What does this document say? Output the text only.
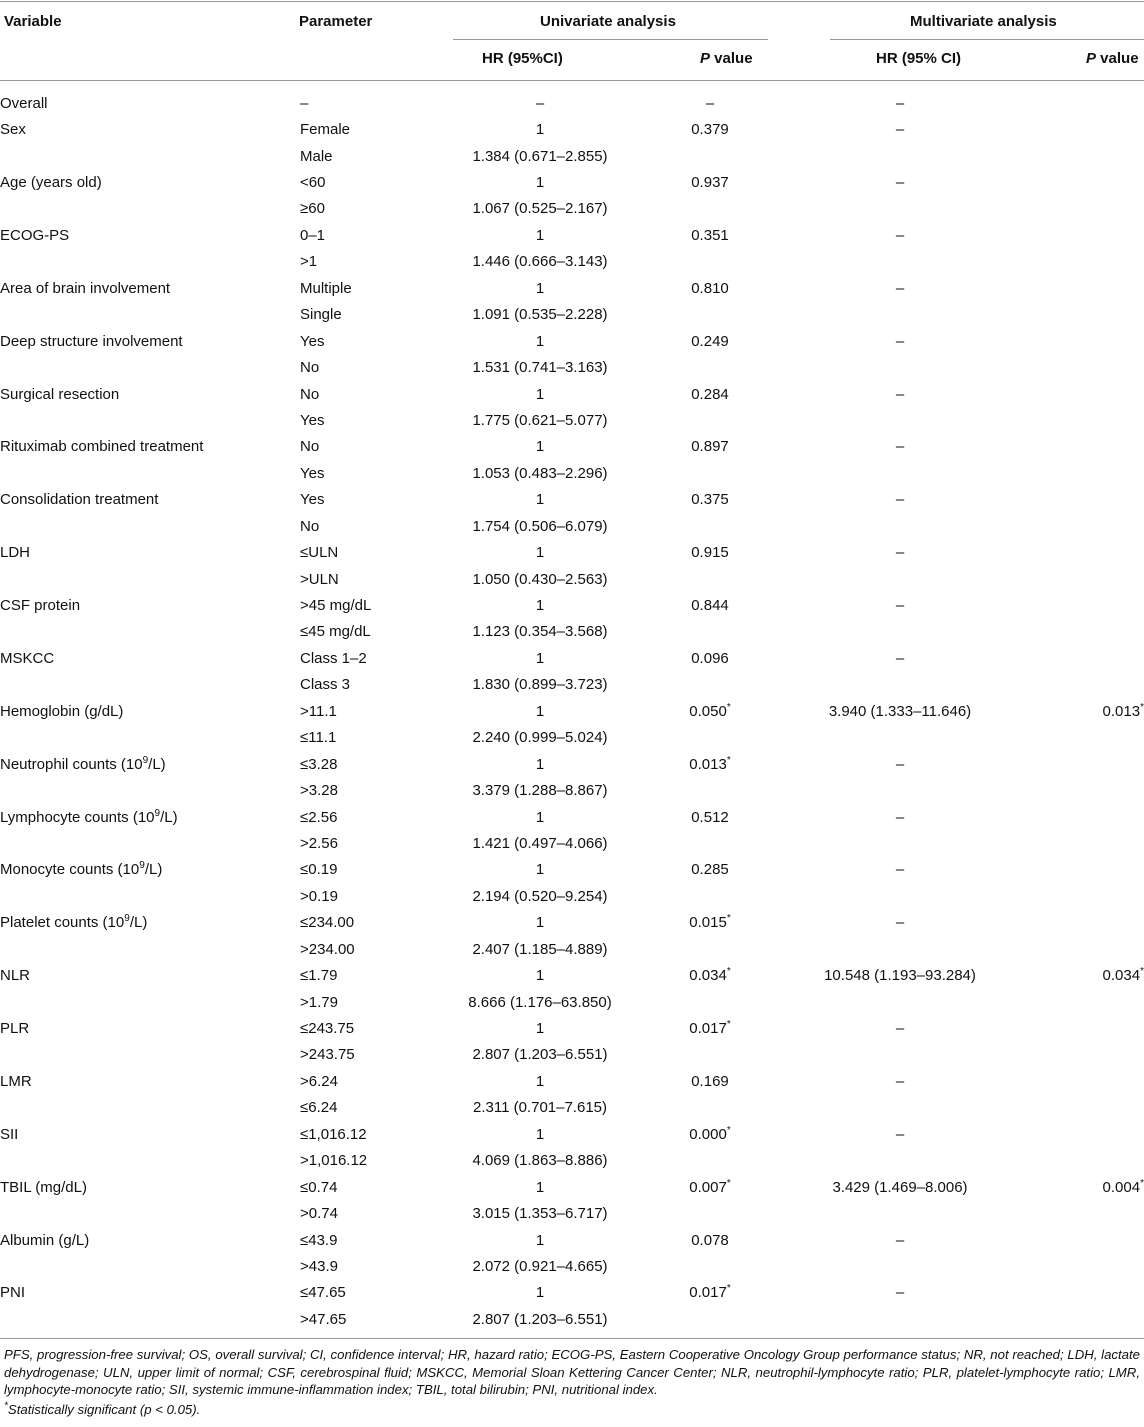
Variable	Parameter	Univariate analysis	Multivariate analysis
HR (95%CI)	P value	HR (95% CI)	P value
Overall	–	–	–	–	
Sex	Female	1	0.379	–	
	Male	1.384 (0.671–2.855)			
Age (years old)	<60	1	0.937	–	
	≥60	1.067 (0.525–2.167)			
ECOG-PS	0–1	1	0.351	–	
	>1	1.446 (0.666–3.143)			
Area of brain involvement	Multiple	1	0.810	–	
	Single	1.091 (0.535–2.228)			
Deep structure involvement	Yes	1	0.249	–	
	No	1.531 (0.741–3.163)			
Surgical resection	No	1	0.284	–	
	Yes	1.775 (0.621–5.077)			
Rituximab combined treatment	No	1	0.897	–	
	Yes	1.053 (0.483–2.296)			
Consolidation treatment	Yes	1	0.375	–	
	No	1.754 (0.506–6.079)			
LDH	≤ULN	1	0.915	–	
	>ULN	1.050 (0.430–2.563)			
CSF protein	>45 mg/dL	1	0.844	–	
	≤45 mg/dL	1.123 (0.354–3.568)			
MSKCC	Class 1–2	1	0.096	–	
	Class 3	1.830 (0.899–3.723)			
Hemoglobin (g/dL)	>11.1	1	0.050*	3.940 (1.333–11.646)	0.013*
	≤11.1	2.240 (0.999–5.024)			
Neutrophil counts $(10^9/L)$	≤3.28	1	0.013*	–	
	>3.28	3.379 (1.288–8.867)			
Lymphocyte counts $(10^9/L)$	≤2.56	1	0.512	–	
	>2.56	1.421 (0.497–4.066)			
Monocyte counts $(10^9/L)$	≤0.19	1	0.285	–	
	>0.19	2.194 (0.520–9.254)			
Platelet counts $(10^9/L)$	≤234.00	1	0.015*	–	
	>234.00	2.407 (1.185–4.889)			
NLR	≤1.79	1	0.034*	10.548 (1.193–93.284)	0.034*
	>1.79	8.666 (1.176–63.850)			
PLR	≤243.75	1	0.017*	–	
	>243.75	2.807 (1.203–6.551)			
LMR	>6.24	1	0.169	–	
	≤6.24	2.311 (0.701–7.615)			
SII	≤1,016.12	1	0.000*	–	
	>1,016.12	4.069 (1.863–8.886)			
TBIL (mg/dL)	≤0.74	1	0.007*	3.429 (1.469–8.006)	0.004*
	>0.74	3.015 (1.353–6.717)			
Albumin (g/L)	≤43.9	1	0.078	–	
	>43.9	2.072 (0.921–4.665)			
PNI	≤47.65	1	0.017*	–	
	>47.65	2.807 (1.203–6.551)			
PFS, progression-free survival; OS, overall survival; CI, confidence interval; HR, hazard ratio; ECOG-PS, Eastern Cooperative Oncology Group performance status; NR, not reached; LDH, lactate dehydrogenase; ULN, upper limit of normal; CSF, cerebrospinal fluid; MSKCC, Memorial Sloan Kettering Cancer Center; NLR, neutrophil-lymphocyte ratio; PLR, platelet-lymphocyte ratio; LMR, lymphocyte-monocyte ratio; SII, systemic immune-inflammation index; TBIL, total bilirubin; PNI, nutritional index.
*Statistically significant (p < 0.05).
